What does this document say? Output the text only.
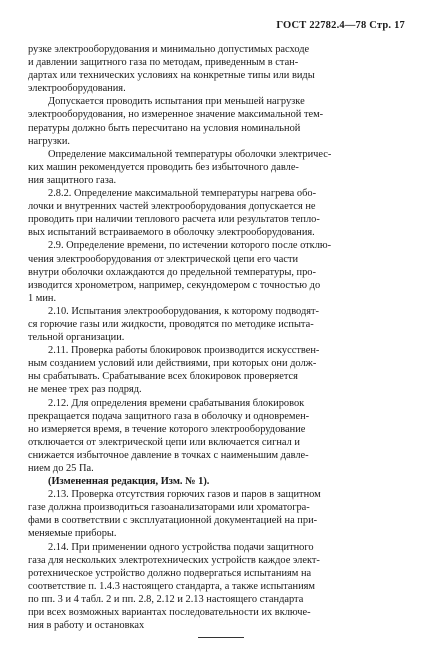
ГОСТ 22782.4—78 Стр. 17
рузке электрооборудования и минимально допустимых расходе
и давлении защитного газа по методам, приведенным в стан-
дартах или технических условиях на конкретные типы или виды
электрооборудования.
Допускается проводить испытания при меньшей нагрузке
электрооборудования, но измеренное значение максимальной тем-
пературы должно быть пересчитано на условия номинальной
нагрузки.
Определение максимальной температуры оболочки электричес-
ких машин рекомендуется проводить без избыточного давле-
ния защитного газа.
2.8.2. Определение максимальной температуры нагрева обо-
лочки и внутренних частей электрооборудования допускается не
проводить при наличии теплового расчета или результатов тепло-
вых испытаний встраиваемого в оболочку электрооборудования.
2.9. Определение времени, по истечении которого после отклю-
чения электрооборудования от электрической цепи его части
внутри оболочки охлаждаются до предельной температуры, про-
изводится хронометром, например, секундомером с точностью до
1 мин.
2.10. Испытания электрооборудования, к которому подводят-
ся горючие газы или жидкости, проводятся по методике испыта-
тельной организации.
2.11. Проверка работы блокировок производится искусствен-
ным созданием условий или действиями, при которых они долж-
ны срабатывать. Срабатывание всех блокировок проверяется
не менее трех раз подряд.
2.12. Для определения времени срабатывания блокировок
прекращается подача защитного газа в оболочку и одновремен-
но измеряется время, в течение которого электрооборудование
отключается от электрической цепи или включается сигнал и
снижается избыточное давление в точках с наименьшим давле-
нием до 25 Па.
(Измененная редакция, Изм. № 1).
2.13. Проверка отсутствия горючих газов и паров в защитном
газе должна производиться газоанализаторами или хроматогра-
фами в соответствии с эксплуатационной документацией на при-
меняемые приборы.
2.14. При применении одного устройства подачи защитного
газа для нескольких электротехнических устройств каждое элект-
ротехническое устройство должно подвергаться испытаниям на
соответствие п. 1.4.3 настоящего стандарта, а также испытаниям
по пп. 3 и 4 табл. 2 и пп. 2.8, 2.12 и 2.13 настоящего стандарта
при всех возможных вариантах последовательности их включе-
ния в работу и остановках
